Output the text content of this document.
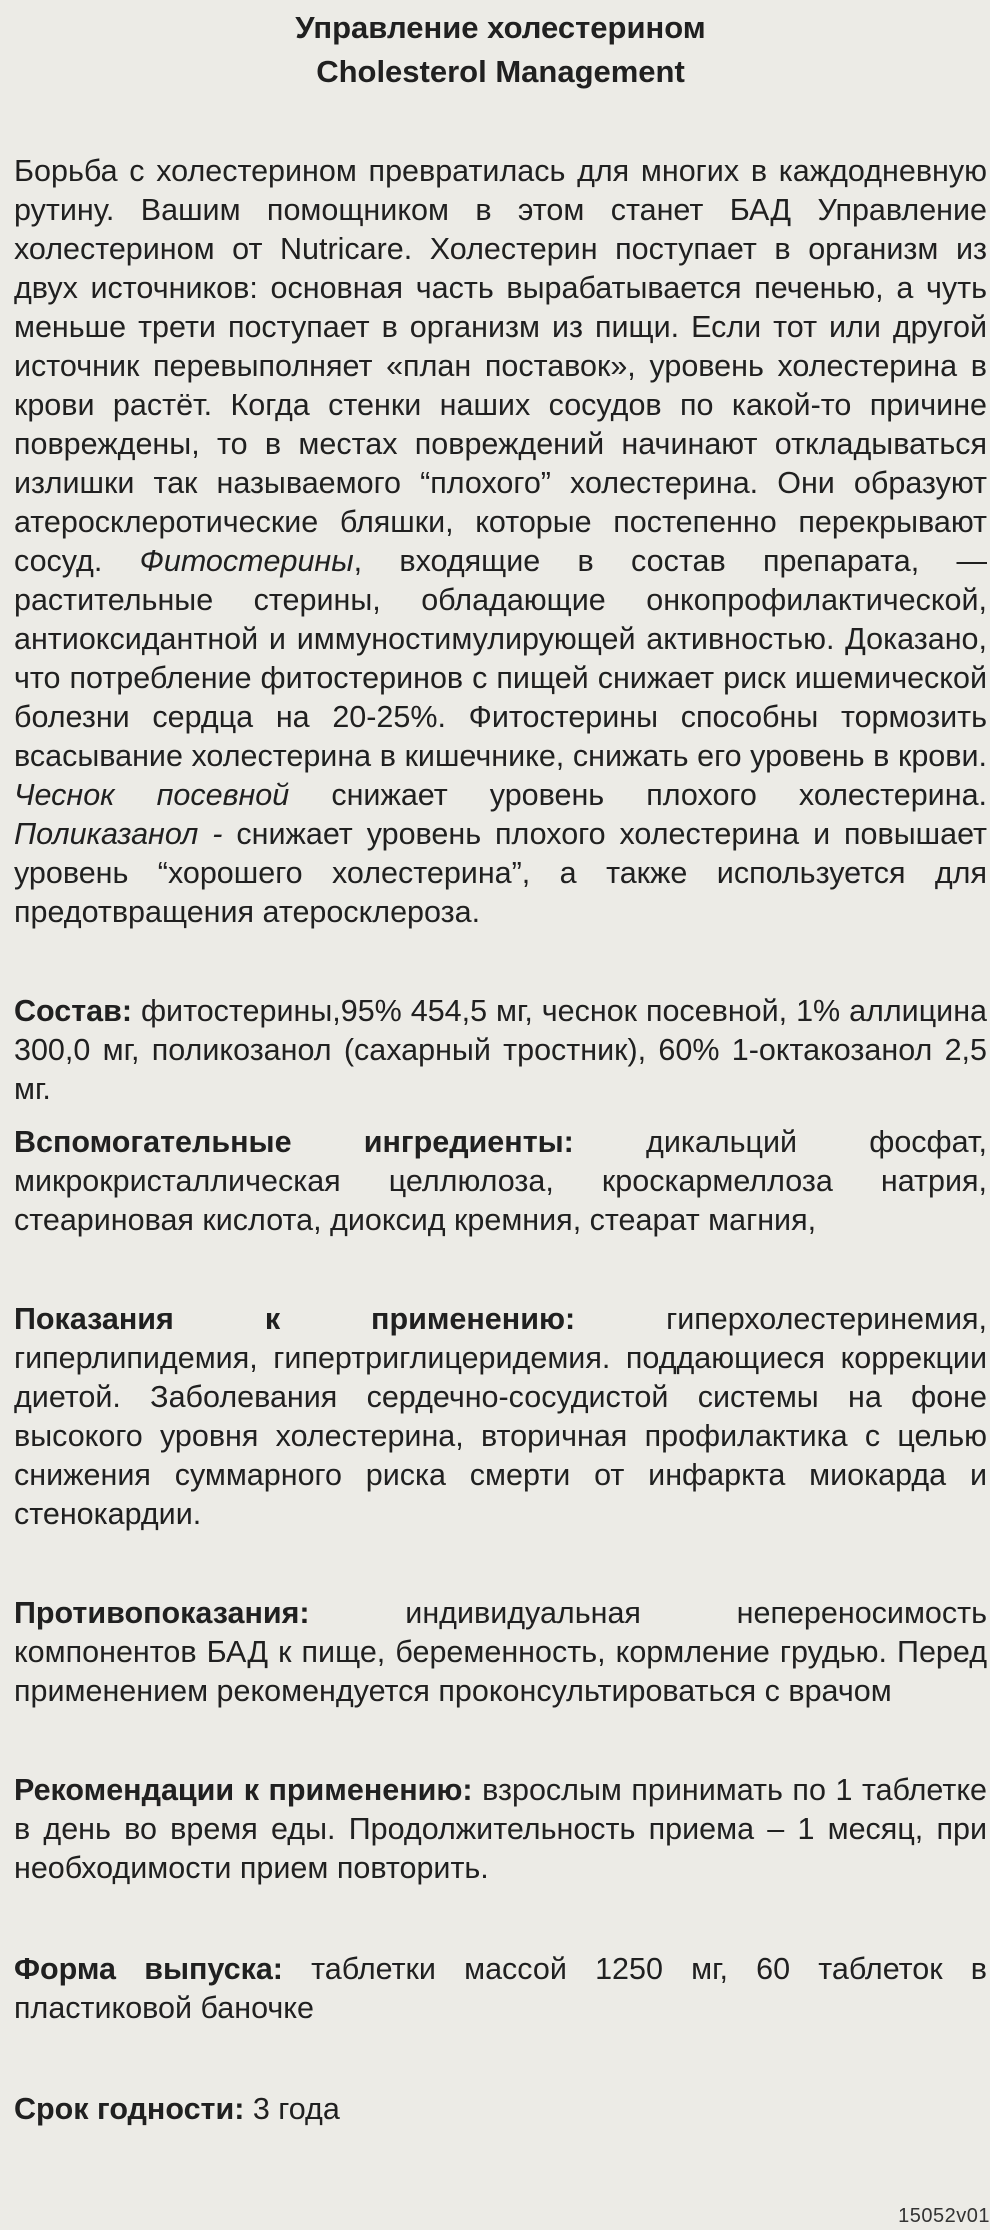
Управление холестерином
Cholesterol Management

Борьба с холестерином превратилась для многих в каждодневную рутину. Вашим помощником в этом станет БАД Управление холестерином от Nutricare. Холестерин поступает в организм из двух источников: основная часть вырабатывается печенью, а чуть меньше трети поступает в организм из пищи. Если тот или другой источник перевыполняет «план поставок», уровень холестерина в крови растёт. Когда стенки наших сосудов по какой-то причине повреждены, то в местах повреждений начинают откладываться излишки так называемого “плохого” холестерина. Они образуют атеросклеротические бляшки, которые постепенно перекрывают сосуд. Фитостерины, входящие в состав препарата, — растительные стерины, обладающие онкопрофилактической, антиоксидантной и иммуностимулирующей активностью. Доказано, что потребление фитостеринов с пищей снижает риск ишемической болезни сердца на 20-25%. Фитостерины способны тормозить всасывание холестерина в кишечнике, снижать его уровень в крови. Чеснок посевной снижает уровень плохого холестерина. Поликазанол - снижает уровень плохого холестерина и повышает уровень “хорошего холестерина”, а также используется для предотвращения атеросклероза.

Состав: фитостерины,95% 454,5 мг, чеснок посевной, 1% аллицина 300,0 мг, поликозанол (сахарный тростник), 60% 1-октакозанол 2,5 мг.

Вспомогательные ингредиенты: дикальций фосфат, микрокристаллическая целлюлоза, кроскармеллоза натрия, стеариновая кислота, диоксид кремния, стеарат магния,

Показания к применению: гиперхолестеринемия, гиперлипидемия, гипертриглицеридемия. поддающиеся коррекции диетой. Заболевания сердечно-сосудистой системы на фоне высокого уровня холестерина, вторичная профилактика с целью снижения суммарного риска смерти от инфаркта миокарда и стенокардии.

Противопоказания: индивидуальная непереносимость компонентов БАД к пище, беременность, кормление грудью. Перед применением рекомендуется проконсультироваться с врачом

Рекомендации к применению: взрослым принимать по 1 таблетке в день во время еды. Продолжительность приема – 1 месяц, при необходимости прием повторить.

Форма выпуска: таблетки массой 1250 мг, 60 таблеток в пластиковой баночке

Срок годности: 3 года

15052v01
